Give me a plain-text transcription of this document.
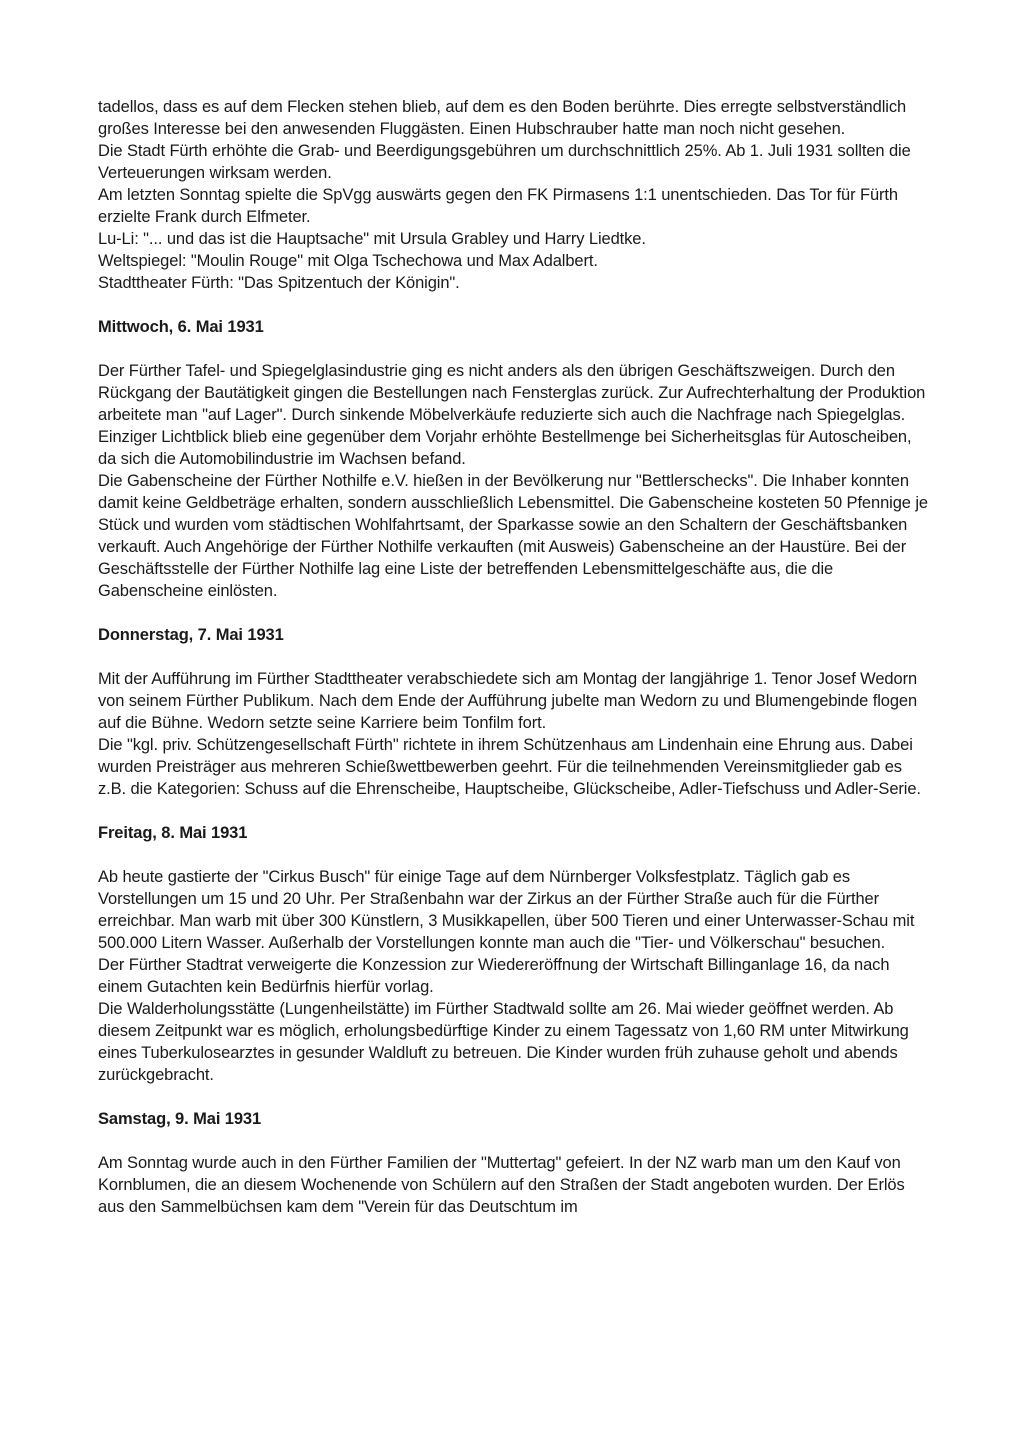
tadellos, dass es auf dem Flecken stehen blieb, auf dem es den Boden berührte. Dies erregte selbstverständlich großes Interesse bei den anwesenden Fluggästen. Einen Hubschrauber hatte man noch nicht gesehen.

Die Stadt Fürth erhöhte die Grab- und Beerdigungsgebühren um durchschnittlich 25%. Ab 1. Juli 1931 sollten die Verteuerungen wirksam werden.

Am letzten Sonntag spielte die SpVgg auswärts gegen den FK Pirmasens 1:1 unentschieden. Das Tor für Fürth erzielte Frank durch Elfmeter.

Lu-Li: "... und das ist die Hauptsache" mit Ursula Grabley und Harry Liedtke.

Weltspiegel: "Moulin Rouge" mit Olga Tschechowa und Max Adalbert.

Stadttheater Fürth: "Das Spitzentuch der Königin".

Mittwoch, 6. Mai 1931

Der Fürther Tafel- und Spiegelglasindustrie ging es nicht anders als den übrigen Geschäftszweigen. Durch den Rückgang der Bautätigkeit gingen die Bestellungen nach Fensterglas zurück. Zur Aufrechterhaltung der Produktion arbeitete man "auf Lager". Durch sinkende Möbelverkäufe reduzierte sich auch die Nachfrage nach Spiegelglas. Einziger Lichtblick blieb eine gegenüber dem Vorjahr erhöhte Bestellmenge bei Sicherheitsglas für Autoscheiben, da sich die Automobilindustrie im Wachsen befand.

Die Gabenscheine der Fürther Nothilfe e.V. hießen in der Bevölkerung nur "Bettlerschecks". Die Inhaber konnten damit keine Geldbeträge erhalten, sondern ausschließlich Lebensmittel. Die Gabenscheine kosteten 50 Pfennige je Stück und wurden vom städtischen Wohlfahrtsamt, der Sparkasse sowie an den Schaltern der Geschäftsbanken verkauft. Auch Angehörige der Fürther Nothilfe verkauften (mit Ausweis) Gabenscheine an der Haustüre. Bei der Geschäftsstelle der Fürther Nothilfe lag eine Liste der betreffenden Lebensmittelgeschäfte aus, die die Gabenscheine einlösten.

Donnerstag, 7. Mai 1931

Mit der Aufführung im Fürther Stadttheater verabschiedete sich am Montag der langjährige 1. Tenor Josef Wedorn von seinem Fürther Publikum. Nach dem Ende der Aufführung jubelte man Wedorn zu und Blumengebinde flogen auf die Bühne. Wedorn setzte seine Karriere beim Tonfilm fort.

Die "kgl. priv. Schützengesellschaft Fürth" richtete in ihrem Schützenhaus am Lindenhain eine Ehrung aus. Dabei wurden Preisträger aus mehreren Schießwettbewerben geehrt. Für die teilnehmenden Vereinsmitglieder gab es z.B. die Kategorien: Schuss auf die Ehrenscheibe, Hauptscheibe, Glückscheibe, Adler-Tiefschuss und Adler-Serie.

Freitag, 8. Mai 1931

Ab heute gastierte der "Cirkus Busch" für einige Tage auf dem Nürnberger Volksfestplatz. Täglich gab es Vorstellungen um 15 und 20 Uhr. Per Straßenbahn war der Zirkus an der Fürther Straße auch für die Fürther erreichbar. Man warb mit über 300 Künstlern, 3 Musikkapellen, über 500 Tieren und einer Unterwasser-Schau mit 500.000 Litern Wasser. Außerhalb der Vorstellungen konnte man auch die "Tier- und Völkerschau" besuchen.

Der Fürther Stadtrat verweigerte die Konzession zur Wiedereröffnung der Wirtschaft Billinganlage 16, da nach einem Gutachten kein Bedürfnis hierfür vorlag.

Die Walderholungsstätte (Lungenheilstätte) im Fürther Stadtwald sollte am 26. Mai wieder geöffnet werden. Ab diesem Zeitpunkt war es möglich, erholungsbedürftige Kinder zu einem Tagessatz von 1,60 RM unter Mitwirkung eines Tuberkulosearztes in gesunder Waldluft zu betreuen. Die Kinder wurden früh zuhause geholt und abends zurückgebracht.

Samstag, 9. Mai 1931

Am Sonntag wurde auch in den Fürther Familien der "Muttertag" gefeiert. In der NZ warb man um den Kauf von Kornblumen, die an diesem Wochenende von Schülern auf den Straßen der Stadt angeboten wurden. Der Erlös aus den Sammelbüchsen kam dem "Verein für das Deutschtum im
